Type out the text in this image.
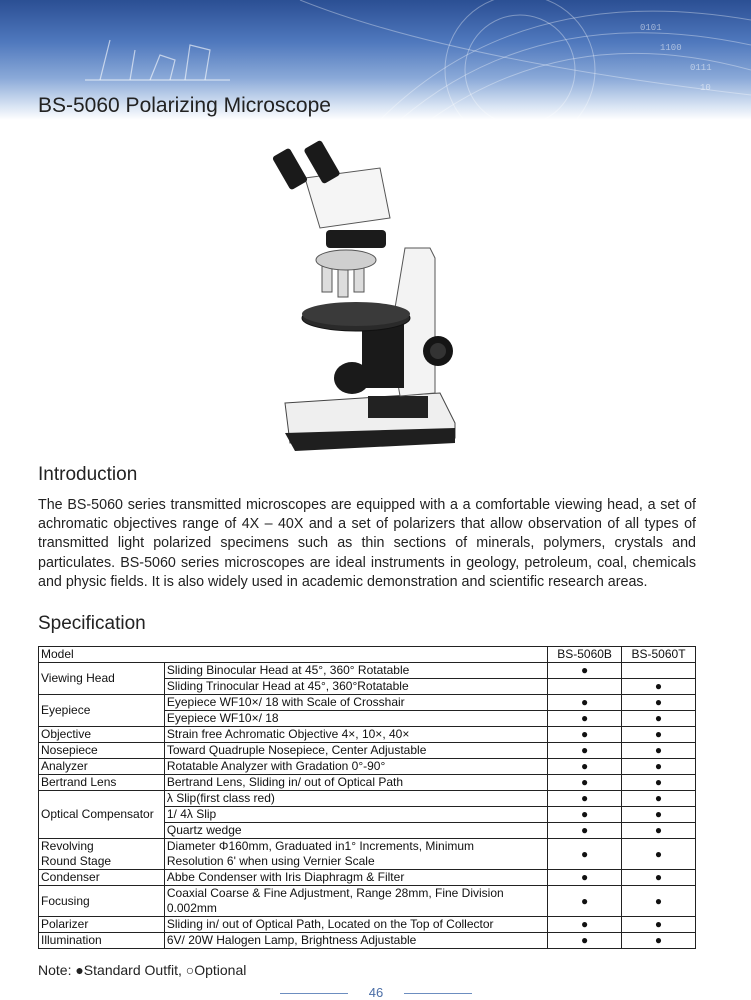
0101
1100
0111
10
BS-5060 Polarizing Microscope
Introduction

The BS-5060 series transmitted microscopes are equipped with a a comfortable viewing head, a set of achromatic objectives range of 4X – 40X and a set of polarizers that allow observation of all types of transmitted light polarized specimens such as thin sections of minerals, polymers, crystals and particulates. BS-5060 series microscopes are ideal instruments in geology, petroleum, coal, chemicals and physic fields. It is also widely used in academic demonstration and scientific research areas.

Specification
Model		BS-5060B	BS-5060T
Viewing Head	Sliding Binocular Head at 45°, 360° Rotatable	●	
	Sliding Trinocular Head at 45°, 360°Rotatable		●
Eyepiece	Eyepiece WF10×/ 18 with Scale of Crosshair	●	●
	Eyepiece WF10×/ 18	●	●
Objective	Strain free Achromatic Objective 4×, 10×, 40×	●	●
Nosepiece	Toward Quadruple Nosepiece, Center Adjustable	●	●
Analyzer	Rotatable Analyzer with Gradation 0°-90°	●	●
Bertrand Lens	Bertrand Lens, Sliding in/ out of Optical Path	●	●
Optical Compensator	λ Slip(first class red)	●	●
	1/ 4λ Slip	●	●
	Quartz wedge	●	●
Revolving
Round Stage	Diameter Φ160mm, Graduated in1° Increments, Minimum
Resolution 6' when using Vernier Scale	●	●
Condenser	Abbe Condenser with Iris Diaphragm & Filter	●	●
Focusing	Coaxial Coarse & Fine Adjustment, Range 28mm, Fine Division
0.002mm	●	●
Polarizer	Sliding in/ out of Optical Path, Located on the Top of Collector	●	●
Illumination	6V/ 20W Halogen Lamp, Brightness Adjustable	●	●

Note: ●Standard Outfit, ○Optional

46
